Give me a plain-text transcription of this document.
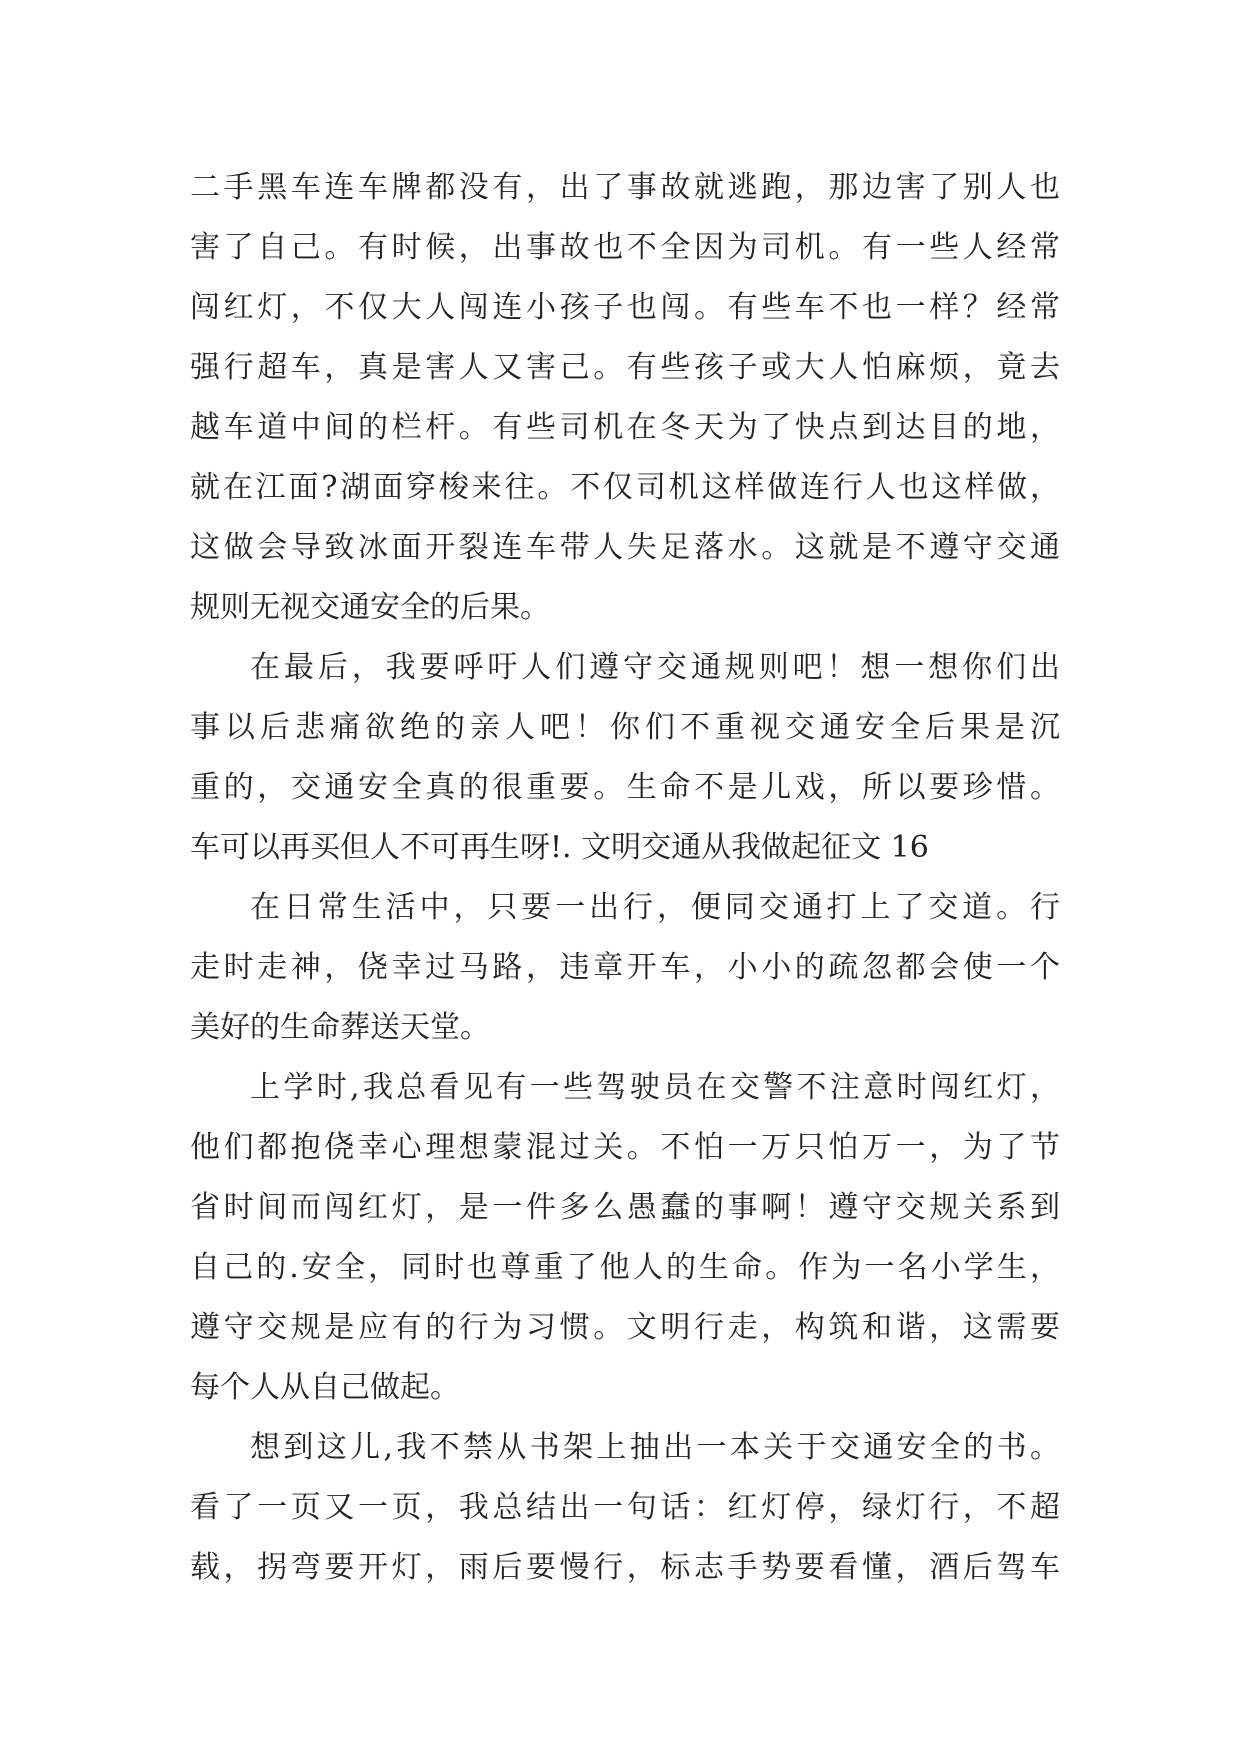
二手黑车连车牌都没有，出了事故就逃跑，那边害了别人也
害了自己。有时候，出事故也不全因为司机。有一些人经常
闯红灯，不仅大人闯连小孩子也闯。有些车不也一样？经常
强行超车，真是害人又害己。有些孩子或大人怕麻烦，竟去
越车道中间的栏杆。有些司机在冬天为了快点到达目的地，
就在江面?湖面穿梭来往。不仅司机这样做连行人也这样做，
这做会导致冰面开裂连车带人失足落水。这就是不遵守交通
规则无视交通安全的后果。
在最后，我要呼吁人们遵守交通规则吧！想一想你们出
事以后悲痛欲绝的亲人吧！你们不重视交通安全后果是沉
重的，交通安全真的很重要。生命不是儿戏，所以要珍惜。
车可以再买但人不可再生呀!. 文明交通从我做起征文 16
在日常生活中，只要一出行，便同交通打上了交道。行
走时走神，侥幸过马路，违章开车，小小的疏忽都会使一个
美好的生命葬送天堂。
上学时,我总看见有一些驾驶员在交警不注意时闯红灯，
他们都抱侥幸心理想蒙混过关。不怕一万只怕万一，为了节
省时间而闯红灯，是一件多么愚蠢的事啊！遵守交规关系到
自己的.安全，同时也尊重了他人的生命。作为一名小学生，
遵守交规是应有的行为习惯。文明行走，构筑和谐，这需要
每个人从自己做起。
想到这儿,我不禁从书架上抽出一本关于交通安全的书。
看了一页又一页，我总结出一句话：红灯停，绿灯行，不超
载，拐弯要开灯，雨后要慢行，标志手势要看懂，酒后驾车
